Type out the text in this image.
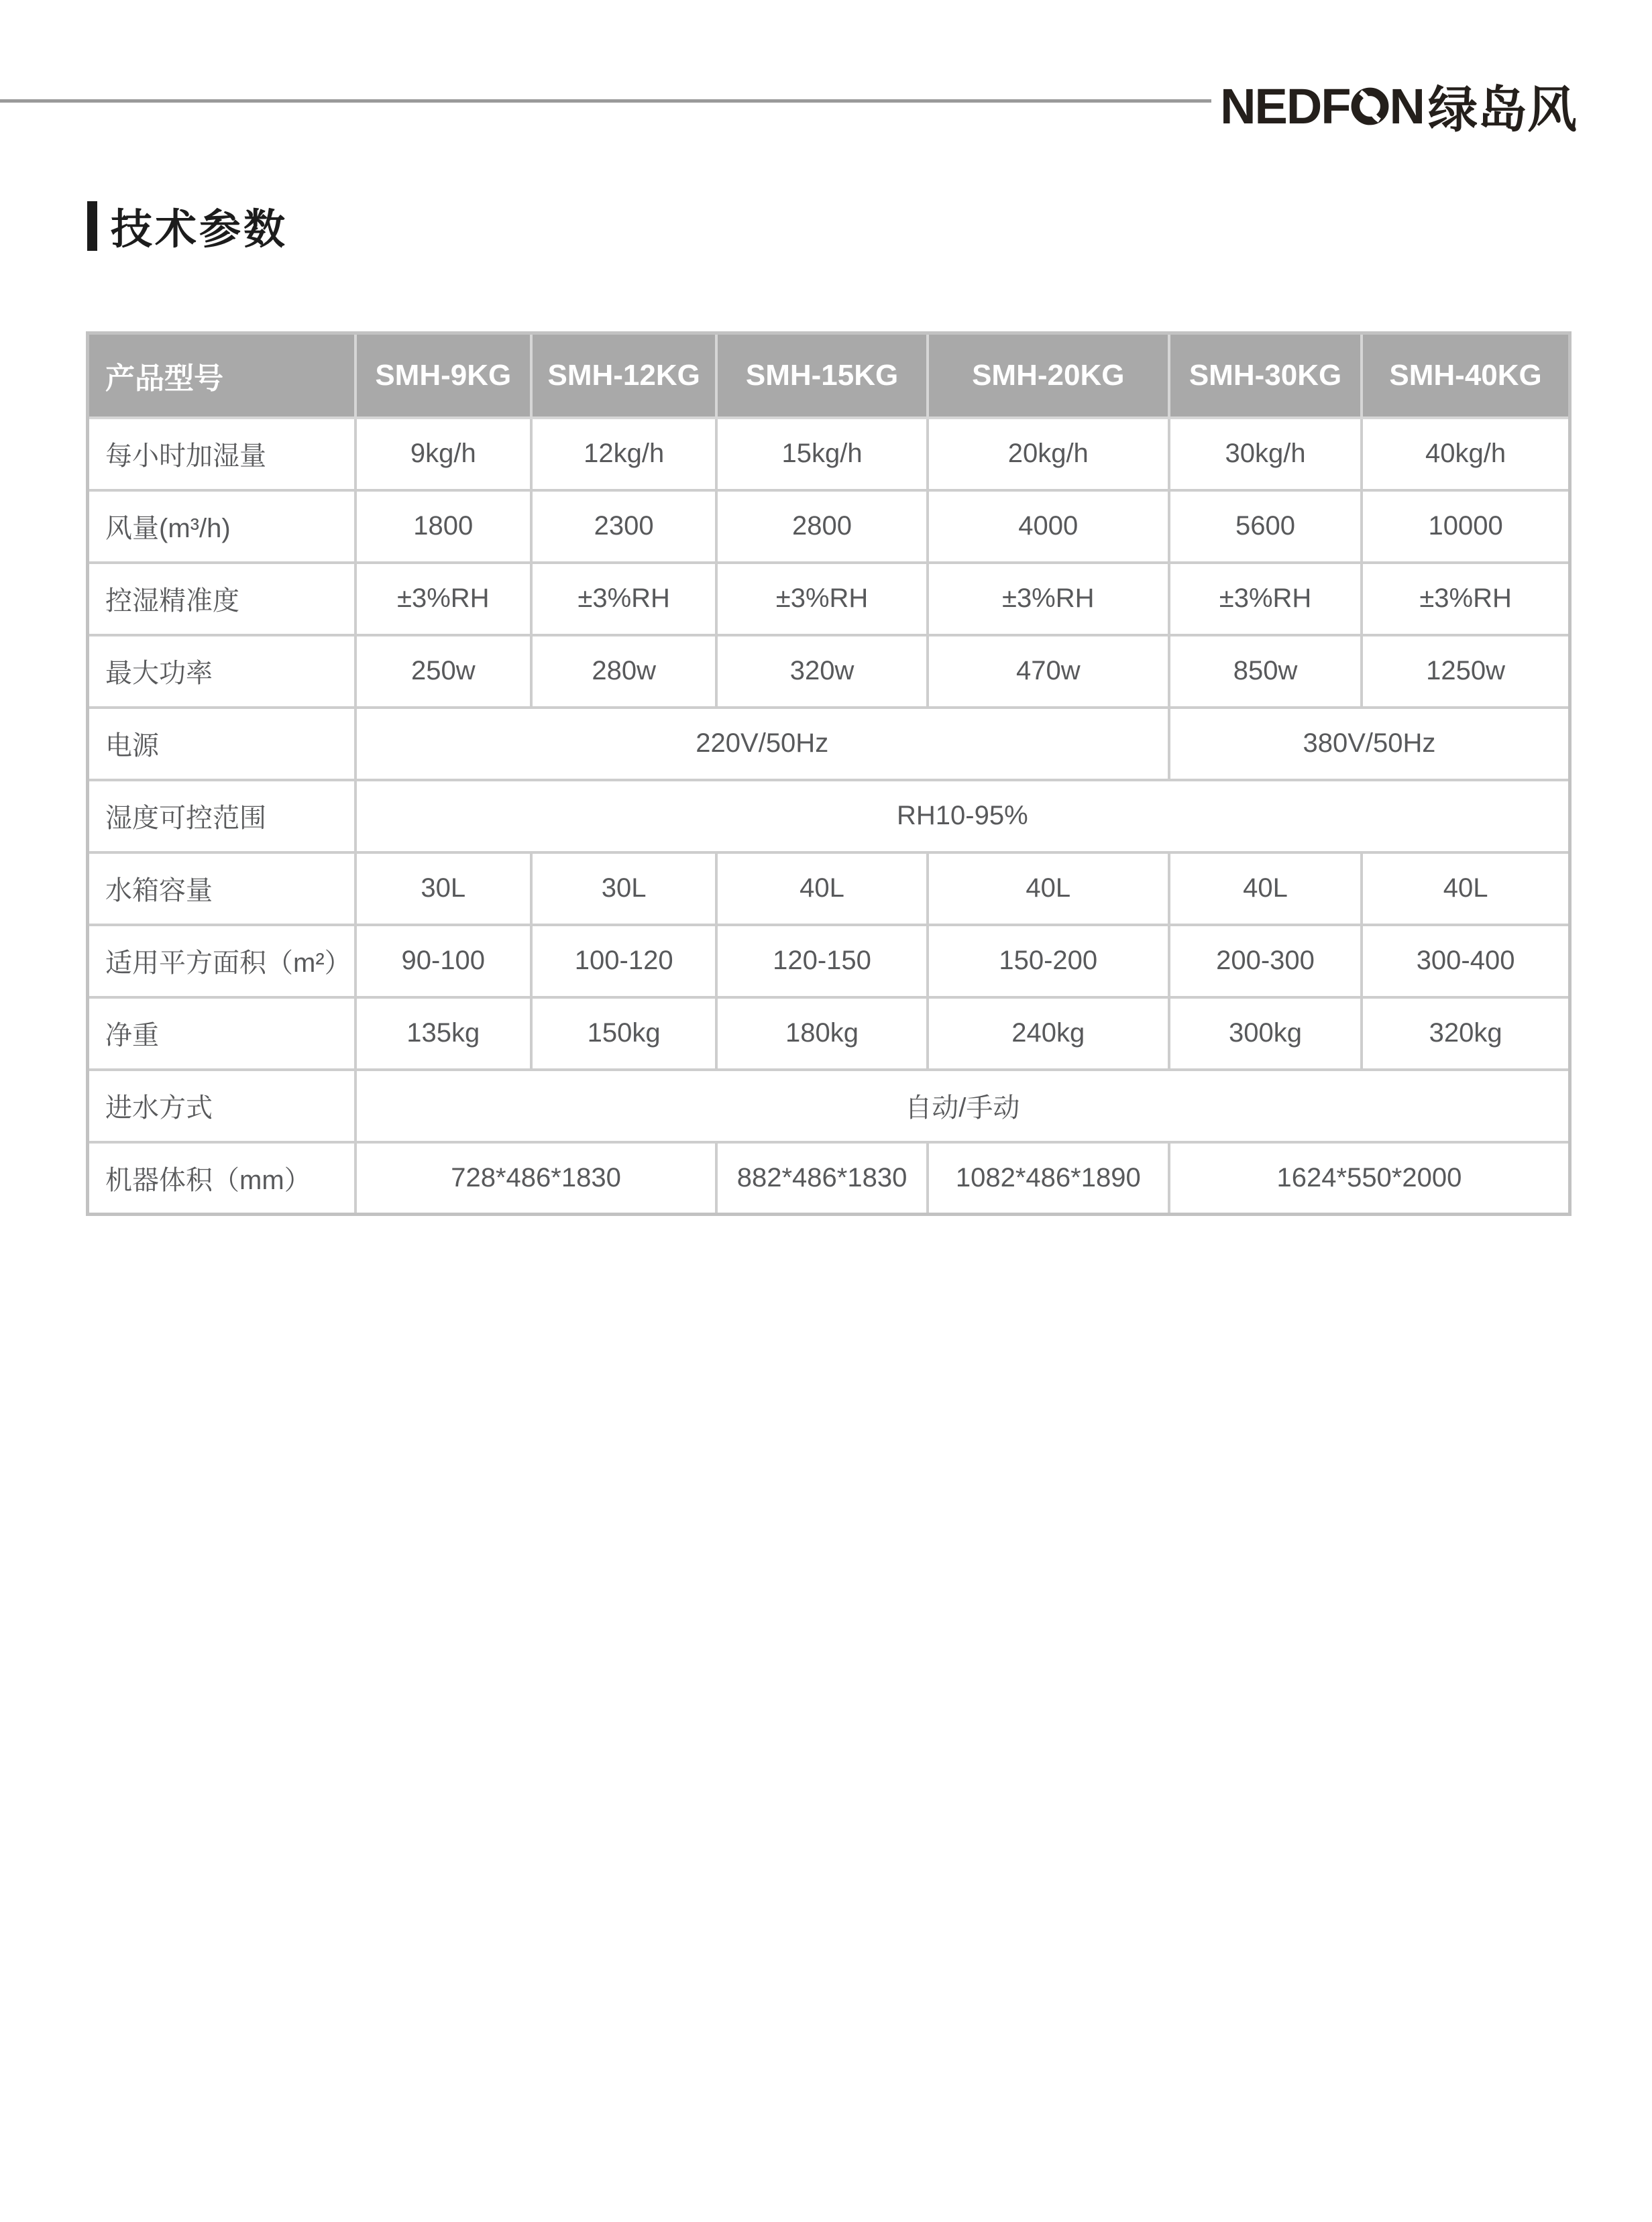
NEDF N 绿岛风
技术参数
产品型号	SMH-9KG	SMH-12KG	SMH-15KG	SMH-20KG	SMH-30KG	SMH-40KG
每小时加湿量	9kg/h	12kg/h	15kg/h	20kg/h	30kg/h	40kg/h
风量(m³/h)	1800	2300	2800	4000	5600	10000
控湿精准度	±3%RH	±3%RH	±3%RH	±3%RH	±3%RH	±3%RH
最大功率	250w	280w	320w	470w	850w	1250w
电源	220V/50Hz				380V/50Hz	
湿度可控范围	RH10-95%					
水箱容量	30L	30L	40L	40L	40L	40L
适用平方面积（m²）	90-100	100-120	120-150	150-200	200-300	300-400
净重	135kg	150kg	180kg	240kg	300kg	320kg
进水方式	自动/手动					
机器体积（mm）	728*486*1830		882*486*1830	1082*486*1890	1624*550*2000	
